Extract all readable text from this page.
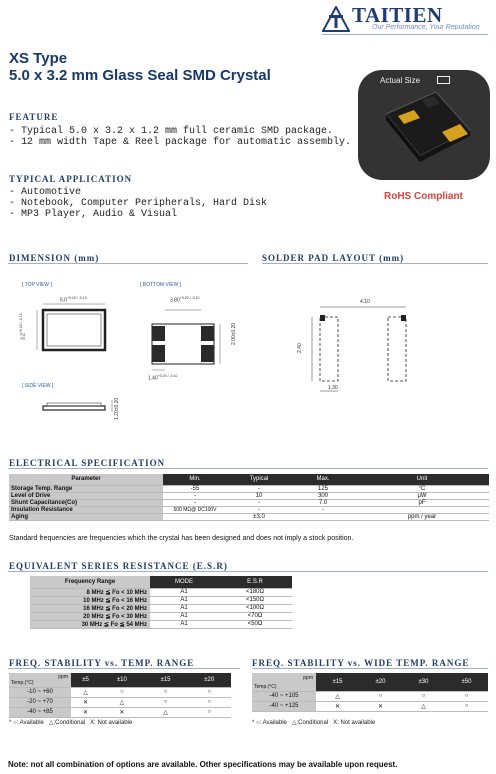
TAITIEN
Our Performance, Your Reputation
XS Type
5.0 x 3.2 mm Glass Seal SMD Crystal	Actual Size
RoHS Compliant
FEATURE
- Typical 5.0 x 3.2 x 1.2 mm full ceramic SMD package.
- 12 mm width Tape & Reel package for automatic assembly.
TYPICAL APPLICATION
- Automotive
- Notebook, Computer Peripherals, Hard Disk
- MP3 Player, Audio & Visual
DIMENSION (mm)
[ TOP VIEW ]	[ BOTTOM VIEW ]
[ SIDE VIEW ]
$5.0^{+0.20 / -0.10}$
$3.2^{+0.20 / -0.10}$
$3.80^{+0.20 / -0.10}$
2.00±0.20
$1.40^{+0.20 / -0.10}$
1.20±0.20
SOLDER PAD LAYOUT (mm)
4.10
2.40
1.30
ELECTRICAL SPECIFICATION
Parameter	Min.	Typical	Max.	Unit
Storage Temp. Range	-55	-	125	°C
Level of Drive	-	10	300	µW
Shunt Capacitance(Co)	-	-	7.0	pF
Insulation Resistance	500 MΩ@ DC100V	-	-	
Aging		±3.0		ppm / year
Standard frequencies are frequencies which the crystal has been designed and does not imply a stock position.
EQUIVALENT SERIES RESISTANCE (E.S.R)
Frequency Range	MODE	E.S.R
8 MHz ≦ Fo < 10 MHz	A1	<180Ω
10 MHz ≦ Fo < 16 MHz	A1	<150Ω
16 MHz ≦ Fo < 20 MHz	A1	<100Ω
20 MHz ≦ Fo < 30 MHz	A1	<70Ω
30 MHz ≦ Fo ≦ 54 MHz	A1	<50Ω
FREQ. STABILITY vs. TEMP. RANGE
ppm
Temp.(°C)	±5	±10	±15	±20
-10 ~ +60	△	○	○	○
-20 ~ +70	✕	△	○	○
-40 ~ +85	✕	✕	△	○
* ○: Available   △:Conditional   X: Not available
FREQ. STABILITY vs. WIDE TEMP. RANGE
ppm
Temp.(°C)	±15	±20	±30	±50
-40 ~ +105	△	○	○	○
-40 ~ +125	✕	✕	△	○
* ○: Available   △:Conditional   X: Not available
Note: not all combination of options are available. Other specifications may be available upon request.
